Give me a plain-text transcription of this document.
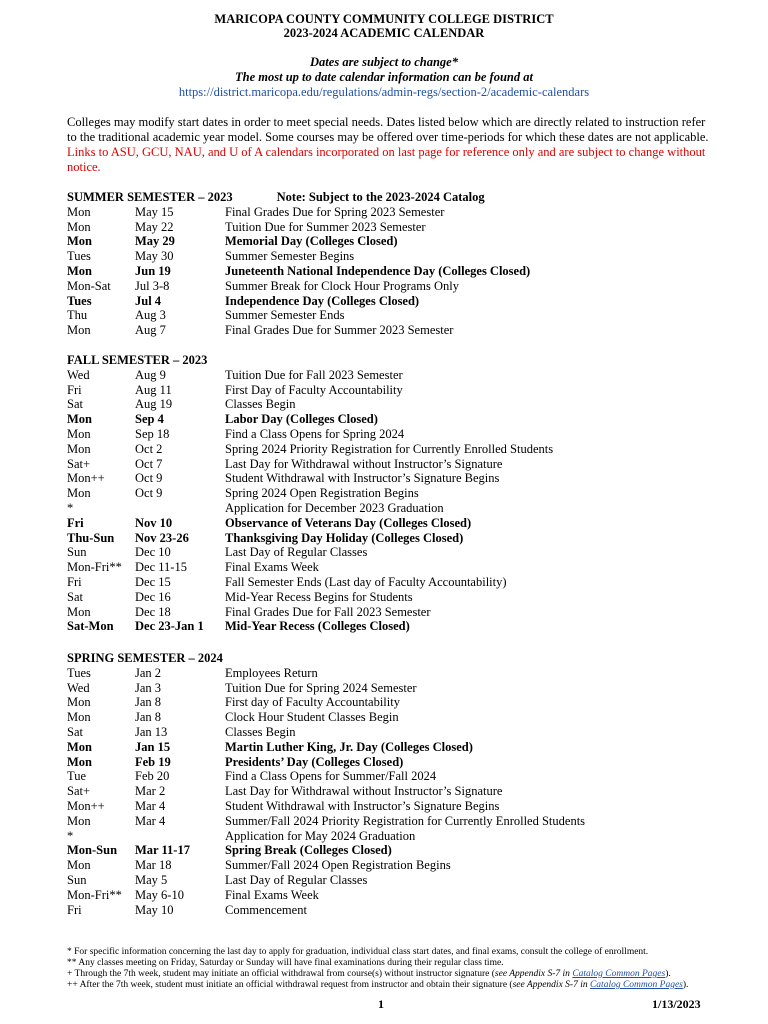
MARICOPA COUNTY COMMUNITY COLLEGE DISTRICT
2023-2024 ACADEMIC CALENDAR
Dates are subject to change*
The most up to date calendar information can be found at
https://district.maricopa.edu/regulations/admin-regs/section-2/academic-calendars
Colleges may modify start dates in order to meet special needs. Dates listed below which are directly related to instruction refer to the traditional academic year model. Some courses may be offered over time-periods for which these dates are not applicable. Links to ASU, GCU, NAU, and U of A calendars incorporated on last page for reference only and are subject to change without notice.
SUMMER SEMESTER – 2023	Note: Subject to the 2023-2024 Catalog
Mon	May 15	Final Grades Due for Spring 2023 Semester
Mon	May 22	Tuition Due for Summer 2023 Semester
Mon	May 29	Memorial Day (Colleges Closed)
Tues	May 30	Summer Semester Begins
Mon	Jun 19	Juneteenth National Independence Day (Colleges Closed)
Mon-Sat Jul 3-8	Summer Break for Clock Hour Programs Only
Tues	Jul 4	Independence Day (Colleges Closed)
Thu	Aug 3	Summer Semester Ends
Mon	Aug 7	Final Grades Due for Summer 2023 Semester
FALL SEMESTER – 2023
Wed	Aug 9	Tuition Due for Fall 2023 Semester
Fri	Aug 11	First Day of Faculty Accountability
Sat	Aug 19	Classes Begin
Mon	Sep 4	Labor Day (Colleges Closed)
Mon	Sep 18	Find a Class Opens for Spring 2024
Mon	Oct 2	Spring 2024 Priority Registration for Currently Enrolled Students
Sat+	Oct 7	Last Day for Withdrawal without Instructor’s Signature
Mon++ Oct 9	Student Withdrawal with Instructor’s Signature Begins
Mon	Oct 9	Spring 2024 Open Registration Begins
*	Application for December 2023 Graduation
Fri	Nov 10	Observance of Veterans Day (Colleges Closed)
Thu-Sun Nov 23-26	Thanksgiving Day Holiday (Colleges Closed)
Sun	Dec 10	Last Day of Regular Classes
Mon-Fri** Dec 11-15	Final Exams Week
Fri	Dec 15	Fall Semester Ends (Last day of Faculty Accountability)
Sat	Dec 16	Mid-Year Recess Begins for Students
Mon	Dec 18	Final Grades Due for Fall 2023 Semester
Sat-Mon Dec 23-Jan 1 Mid-Year Recess (Colleges Closed)
SPRING SEMESTER – 2024
Tues	Jan 2	Employees Return
Wed	Jan 3	Tuition Due for Spring 2024 Semester
Mon	Jan 8	First day of Faculty Accountability
Mon	Jan 8	Clock Hour Student Classes Begin
Sat	Jan 13	Classes Begin
Mon	Jan 15	Martin Luther King, Jr. Day (Colleges Closed)
Mon	Feb 19	Presidents’ Day (Colleges Closed)
Tue	Feb 20	Find a Class Opens for Summer/Fall 2024
Sat+	Mar 2	Last Day for Withdrawal without Instructor’s Signature
Mon++ Mar 4	Student Withdrawal with Instructor’s Signature Begins
Mon	Mar 4	Summer/Fall 2024 Priority Registration for Currently Enrolled Students
*	Application for May 2024 Graduation
Mon-Sun Mar 11-17	Spring Break (Colleges Closed)
Mon	Mar 18	Summer/Fall 2024 Open Registration Begins
Sun	May 5	Last Day of Regular Classes
Mon-Fri** May 6-10	Final Exams Week
Fri	May 10	Commencement
* For specific information concerning the last day to apply for graduation, individual class start dates, and final exams, consult the college of enrollment.
** Any classes meeting on Friday, Saturday or Sunday will have final examinations during their regular class time.
+ Through the 7th week, student may initiate an official withdrawal from course(s) without instructor signature (see Appendix S-7 in Catalog Common Pages).
++ After the 7th week, student must initiate an official withdrawal request from instructor and obtain their signature (see Appendix S-7 in Catalog Common Pages).
1	1/13/2023
